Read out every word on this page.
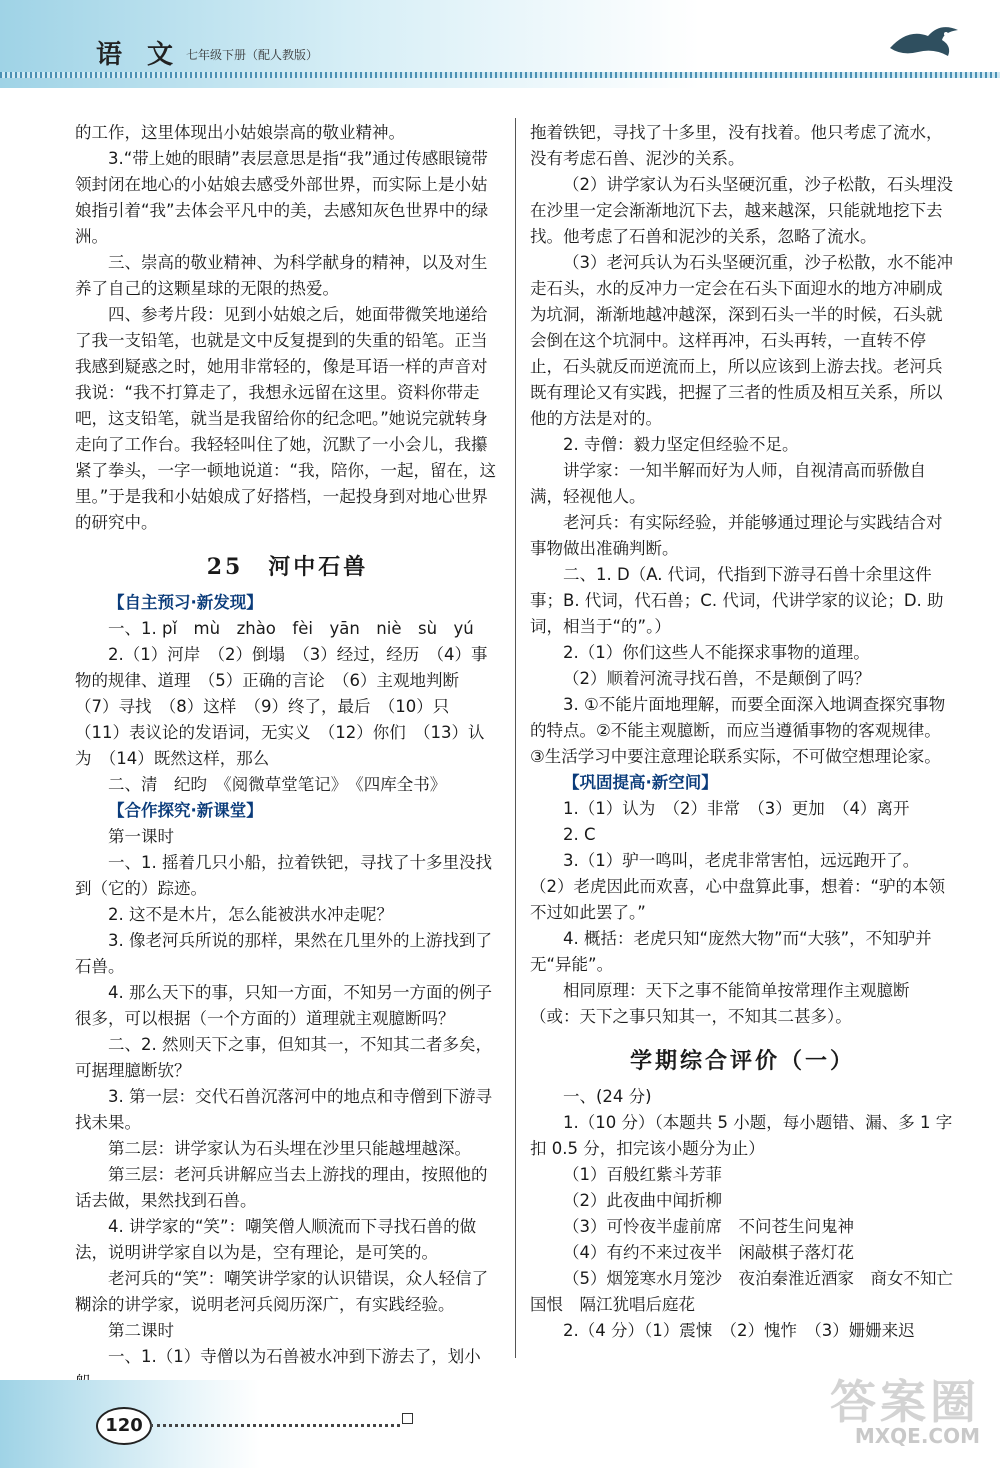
语 文 七年级下册（配人教版）

的工作，这里体现出小姑娘崇高的敬业精神。

3.“带上她的眼睛”表层意思是指“我”通过传感眼镜带领封闭在地心的小姑娘去感受外部世界，而实际上是小姑娘指引着“我”去体会平凡中的美，去感知灰色世界中的绿洲。

三、崇高的敬业精神、为科学献身的精神，以及对生养了自己的这颗星球的无限的热爱。

四、参考片段：见到小姑娘之后，她面带微笑地递给了我一支铅笔，也就是文中反复提到的失重的铅笔。正当我感到疑惑之时，她用非常轻的，像是耳语一样的声音对我说：“我不打算走了，我想永远留在这里。资料你带走吧，这支铅笔，就当是我留给你的纪念吧。”她说完就转身走向了工作台。我轻轻叫住了她，沉默了一小会儿，我攥紧了拳头，一字一顿地说道：“我，陪你，一起，留在，这里。”于是我和小姑娘成了好搭档，一起投身到对地心世界的研究中。

25　河中石兽

【自主预习·新发现】

一、1. pǐ　mù　zhào　fèi　yān　niè　sù　yú

2.（1）河岸　（2）倒塌　（3）经过，经历　（4）事物的规律、道理　（5）正确的言论　（6）主观地判断　（7）寻找　（8）这样　（9）终了，最后　（10）只　（11）表议论的发语词，无实义　（12）你们　（13）认为　（14）既然这样，那么

二、清　纪昀　《阅微草堂笔记》　《四库全书》

【合作探究·新课堂】

第一课时

一、1. 摇着几只小船，拉着铁钯，寻找了十多里没找到（它的）踪迹。

2. 这不是木片，怎么能被洪水冲走呢？

3. 像老河兵所说的那样，果然在几里外的上游找到了石兽。

4. 那么天下的事，只知一方面，不知另一方面的例子很多，可以根据（一个方面的）道理就主观臆断吗？

二、2. 然则天下之事，但知其一，不知其二者多矣，可据理臆断欤？

3. 第一层：交代石兽沉落河中的地点和寺僧到下游寻找未果。

第二层：讲学家认为石头埋在沙里只能越埋越深。

第三层：老河兵讲解应当去上游找的理由，按照他的话去做，果然找到石兽。

4. 讲学家的“笑”：嘲笑僧人顺流而下寻找石兽的做法，说明讲学家自以为是，空有理论，是可笑的。

老河兵的“笑”：嘲笑讲学家的认识错误，众人轻信了糊涂的讲学家，说明老河兵阅历深广，有实践经验。

第二课时

一、1.（1）寺僧以为石兽被水冲到下游去了，划小

拖着铁钯，寻找了十多里，没有找着。他只考虑了流水，没有考虑石兽、泥沙的关系。

（2）讲学家认为石头坚硬沉重，沙子松散，石头埋没在沙里一定会渐渐地沉下去，越来越深，只能就地挖下去找。他考虑了石兽和泥沙的关系，忽略了流水。

（3）老河兵认为石头坚硬沉重，沙子松散，水不能冲走石头，水的反冲力一定会在石头下面迎水的地方冲刷成为坑洞，渐渐地越冲越深，深到石头一半的时候，石头就会倒在这个坑洞中。这样再冲，石头再转，一直转不停止，石头就反而逆流而上，所以应该到上游去找。老河兵既有理论又有实践，把握了三者的性质及相互关系，所以他的方法是对的。

2. 寺僧：毅力坚定但经验不足。

讲学家：一知半解而好为人师，自视清高而骄傲自满，轻视他人。

老河兵：有实际经验，并能够通过理论与实践结合对事物做出准确判断。

二、1. D（A. 代词，代指到下游寻石兽十余里这件事；B. 代词，代石兽；C. 代词，代讲学家的议论；D. 助词，相当于“的”。）

2.（1）你们这些人不能探求事物的道理。

（2）顺着河流寻找石兽，不是颠倒了吗？

3. ①不能片面地理解，而要全面深入地调查探究事物的特点。②不能主观臆断，而应当遵循事物的客观规律。③生活学习中要注意理论联系实际，不可做空想理论家。

【巩固提高·新空间】

1.（1）认为　（2）非常　（3）更加　（4）离开

2. C

3.（1）驴一鸣叫，老虎非常害怕，远远跑开了。

（2）老虎因此而欢喜，心中盘算此事，想着：“驴的本领不过如此罢了。”

4. 概括：老虎只知“庞然大物”而“大骇”，不知驴并无“异能”。

相同原理：天下之事不能简单按常理作主观臆断（或：天下之事只知其一，不知其二甚多）。

学期综合评价（一）

一、(24 分)

1.（10 分）（本题共 5 小题，每小题错、漏、多 1 字扣 0.5 分，扣完该小题分为止）

（1）百般红紫斗芳菲

（2）此夜曲中闻折柳

（3）可怜夜半虚前席　不问苍生问鬼神

（4）有约不来过夜半　闲敲棋子落灯花

（5）烟笼寒水月笼沙　夜泊秦淮近酒家　商女不知亡国恨　隔江犹唱后庭花

2.（4 分）（1）震悚　（2）愧怍　（3）姗姗来迟

120	答案圈
MXQE.COM
